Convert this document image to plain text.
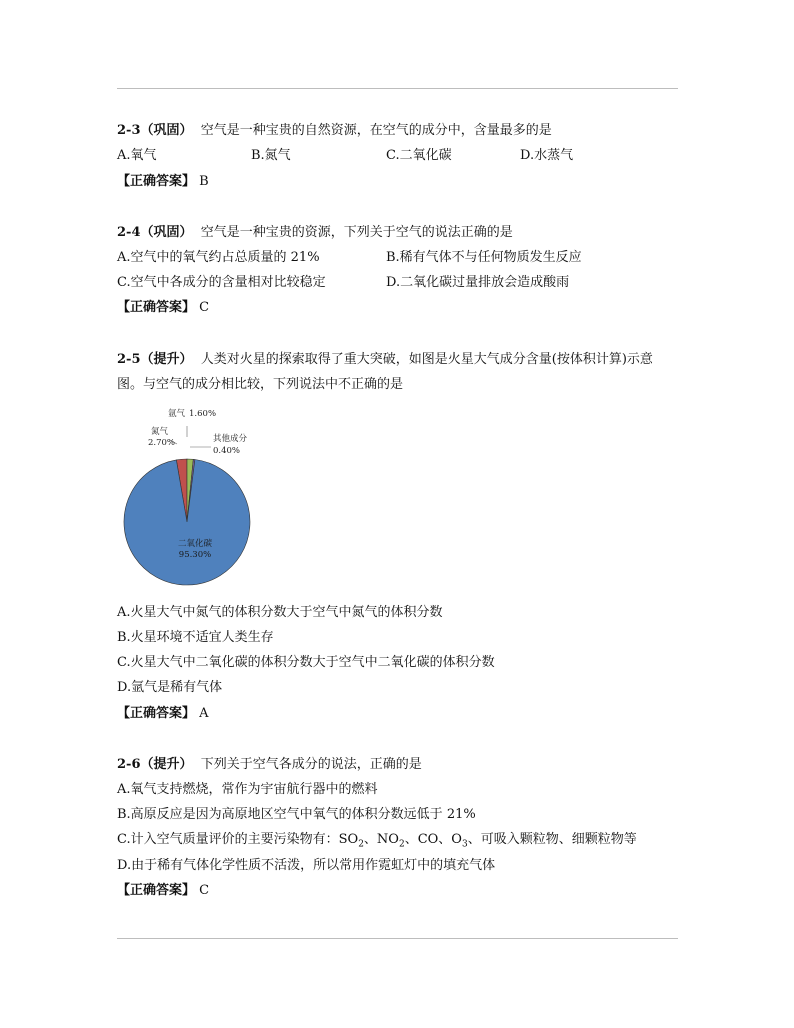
2-3（巩固） 空气是一种宝贵的自然资源，在空气的成分中，含量最多的是
A.氧气	B.氮气	C.二氧化碳	D.水蒸气
【正确答案】 B
2-4（巩固） 空气是一种宝贵的资源，下列关于空气的说法正确的是
A.空气中的氧气约占总质量的 21%	B.稀有气体不与任何物质发生反应
C.空气中各成分的含量相对比较稳定	D.二氧化碳过量排放会造成酸雨
【正确答案】 C
2-5（提升） 人类对火星的探索取得了重大突破，如图是火星大气成分含量(按体积计算)示意
图。与空气的成分相比较，下列说法中不正确的是
氩气 1.60%
氮气
2.70%	其他成分
0.40%
二氧化碳
95.30%
A.火星大气中氮气的体积分数大于空气中氮气的体积分数
B.火星环境不适宜人类生存
C.火星大气中二氧化碳的体积分数大于空气中二氧化碳的体积分数
D.氩气是稀有气体
【正确答案】 A
2-6（提升） 下列关于空气各成分的说法，正确的是
A.氧气支持燃烧，常作为宇宙航行器中的燃料
B.高原反应是因为高原地区空气中氧气的体积分数远低于 21%
C.计入空气质量评价的主要污染物有：$SO_2$、$NO_2$、CO、$O_3$、可吸入颗粒物、细颗粒物等
D.由于稀有气体化学性质不活泼，所以常用作霓虹灯中的填充气体
【正确答案】 C
